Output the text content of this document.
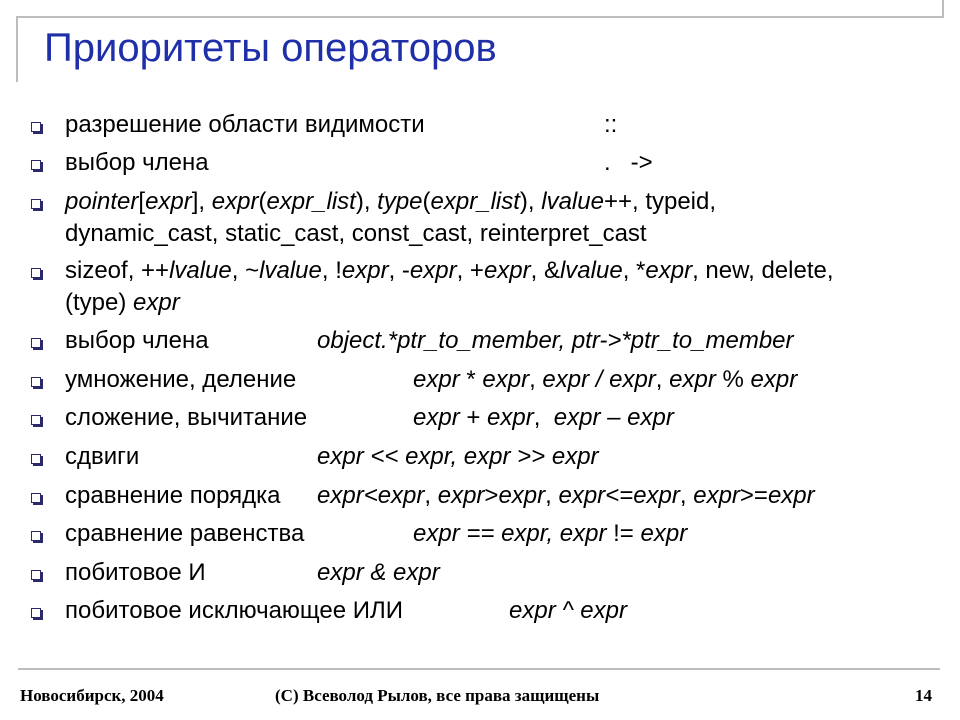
Приоритеты операторов
разрешение области видимости	::
выбор члена	.   ->
pointer[expr], expr(expr_list), type(expr_list), lvalue++, typeid,
dynamic_cast, static_cast, const_cast, reinterpret_cast
sizeof, ++lvalue, ~lvalue, !expr, -expr, +expr, &lvalue, *expr, new, delete,
(type) expr
выбор члена	object.*ptr_to_member, ptr->*ptr_to_member
умножение, деление	expr * expr, expr / expr, expr % expr
сложение, вычитание	expr + expr,  expr – expr
сдвиги	expr << expr, expr >> expr
сравнение порядка expr<expr, expr>expr, expr<=expr, expr>=expr
сравнение равенства	expr == expr, expr != expr
побитовое И	expr & expr
побитовое исключающее ИЛИ	expr ^ expr
Новосибирск, 2004	(C) Всеволод Рылов, все права защищены	14
